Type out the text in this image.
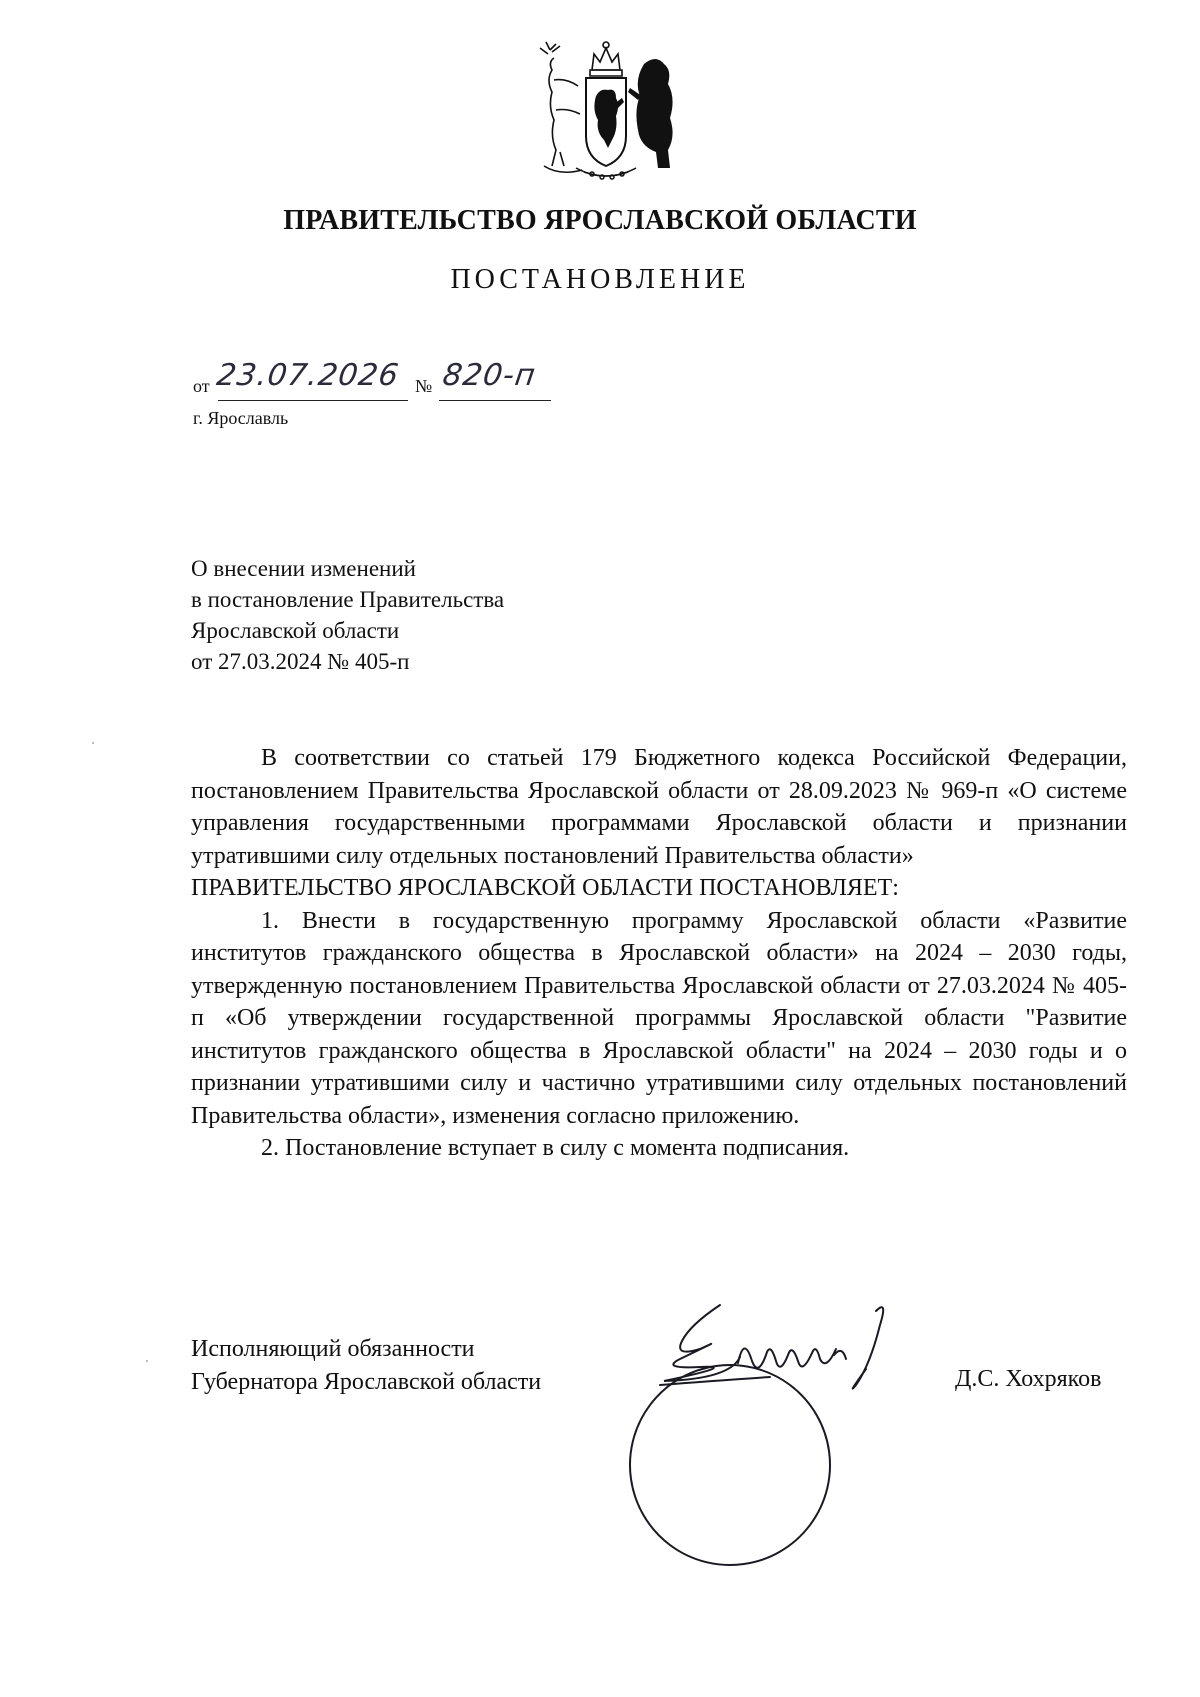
ПРАВИТЕЛЬСТВО ЯРОСЛАВСКОЙ ОБЛАСТИ
ПОСТАНОВЛЕНИЕ
от 23.07.2026 № 820-п
г. Ярославль
О внесении изменений
в постановление Правительства
Ярославской области
от 27.03.2024 № 405-п

В соответствии со статьей 179 Бюджетного кодекса Российской Федерации, постановлением Правительства Ярославской области от 28.09.2023 № 969-п «О системе управления государственными программами Ярославской области и признании утратившими силу отдельных постановлений Правительства области»

ПРАВИТЕЛЬСТВО ЯРОСЛАВСКОЙ ОБЛАСТИ ПОСТАНОВЛЯЕТ:

1. Внести в государственную программу Ярославской области «Развитие институтов гражданского общества в Ярославской области» на 2024 – 2030 годы, утвержденную постановлением Правительства Ярославской области от 27.03.2024 № 405-п «Об утверждении государственной программы Ярославской области "Развитие институтов гражданского общества в Ярославской области" на 2024 – 2030 годы и о признании утратившими силу и частично утратившими силу отдельных постановлений Правительства области», изменения согласно приложению.

2. Постановление вступает в силу с момента подписания.

Исполняющий обязанности
Губернатора Ярославской области	Д.С. Хохряков
